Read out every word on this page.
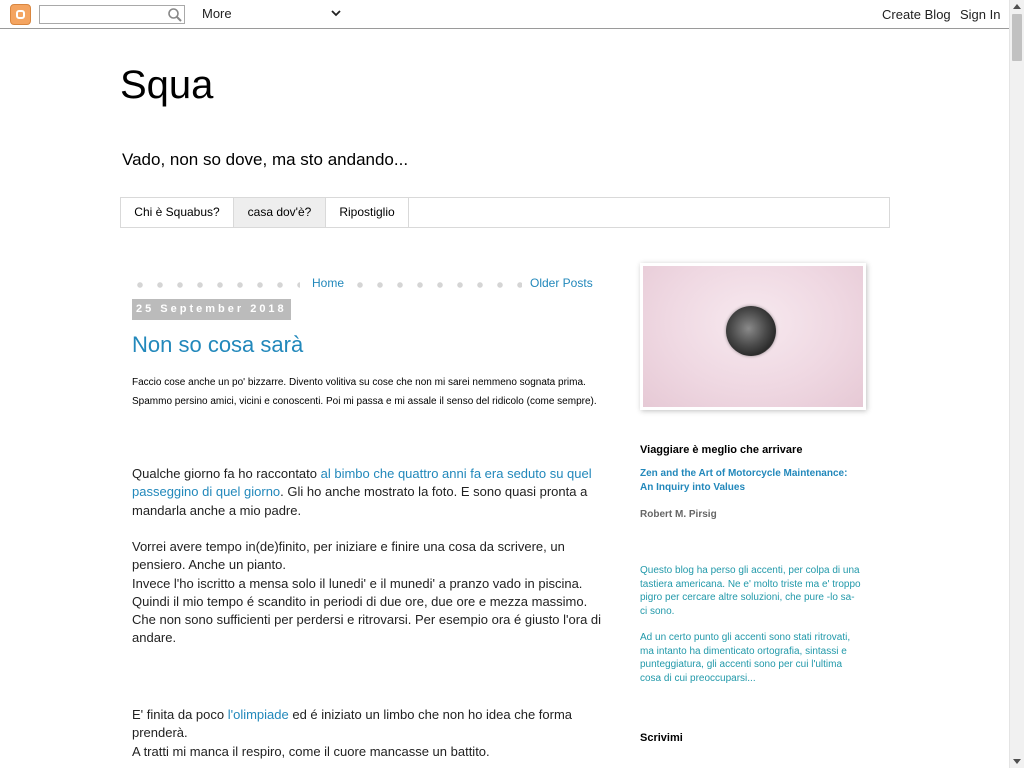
More	Create Blog Sign In
Squa
Vado, non so dove, ma sto andando...
Chi è Squabus?	casa dov'è?	Ripostiglio
Home	Older Posts
25 September 2018
Non so cosa sarà
Faccio cose anche un po' bizzarre. Divento volitiva su cose che non mi sarei nemmeno sognata prima. Spammo persino amici, vicini e conoscenti. Poi mi passa e mi assale il senso del ridicolo (come sempre).
Qualche giorno fa ho raccontato al bimbo che quattro anni fa era seduto su quel passeggino di quel giorno. Gli ho anche mostrato la foto. E sono quasi pronta a mandarla anche a mio padre.
Vorrei avere tempo in(de)finito, per iniziare e finire una cosa da scrivere, un pensiero. Anche un pianto.
Invece l'ho iscritto a mensa solo il lunedi' e il munedi' a pranzo vado in piscina.
Quindi il mio tempo é scandito in periodi di due ore, due ore e mezza massimo. Che non sono sufficienti per perdersi e ritrovarsi. Per esempio ora é giusto l'ora di andare.
E' finita da poco l'olimpiade ed é iniziato un limbo che non ho idea che forma prenderà.
A tratti mi manca il respiro, come il cuore mancasse un battito.
Viaggiare è meglio che arrivare
Zen and the Art of Motorcycle Maintenance: An Inquiry into Values
Robert M. Pirsig
Questo blog ha perso gli accenti, per colpa di una tastiera americana. Ne e' molto triste ma e' troppo pigro per cercare altre soluzioni, che pure -lo sa- ci sono.
Ad un certo punto gli accenti sono stati ritrovati, ma intanto ha dimenticato ortografia, sintassi e punteggiatura, gli accenti sono per cui l'ultima cosa di cui preoccuparsi...
Scrivimi
